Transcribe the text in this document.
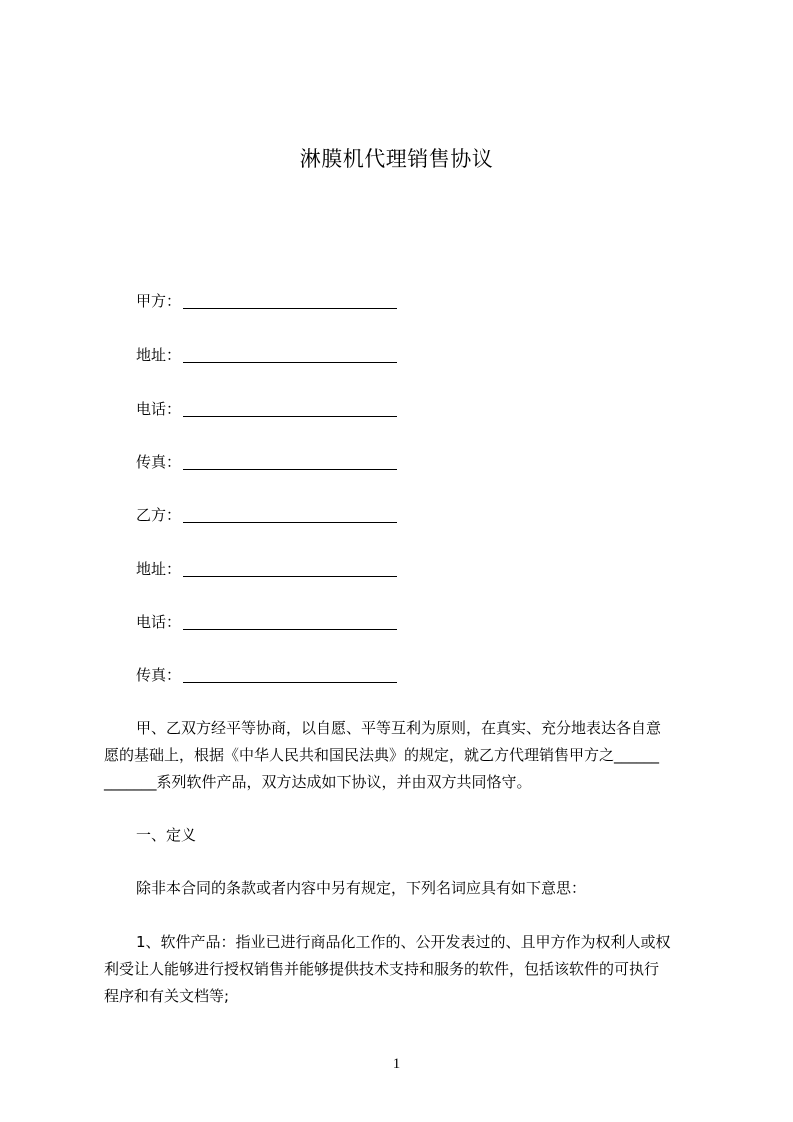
淋膜机代理销售协议
甲方：
地址：
电话：
传真：
乙方：
地址：
电话：
传真：
甲、乙双方经平等协商，以自愿、平等互利为原则，在真实、充分地表达各自意
愿的基础上，根据《中华人民共和国民法典》的规定，就乙方代理销售甲方之______
_______系列软件产品，双方达成如下协议，并由双方共同恪守。
一、定义
除非本合同的条款或者内容中另有规定，下列名词应具有如下意思：
1、软件产品：指业已进行商品化工作的、公开发表过的、且甲方作为权利人或权
利受让人能够进行授权销售并能够提供技术支持和服务的软件，包括该软件的可执行
程序和有关文档等;
1
